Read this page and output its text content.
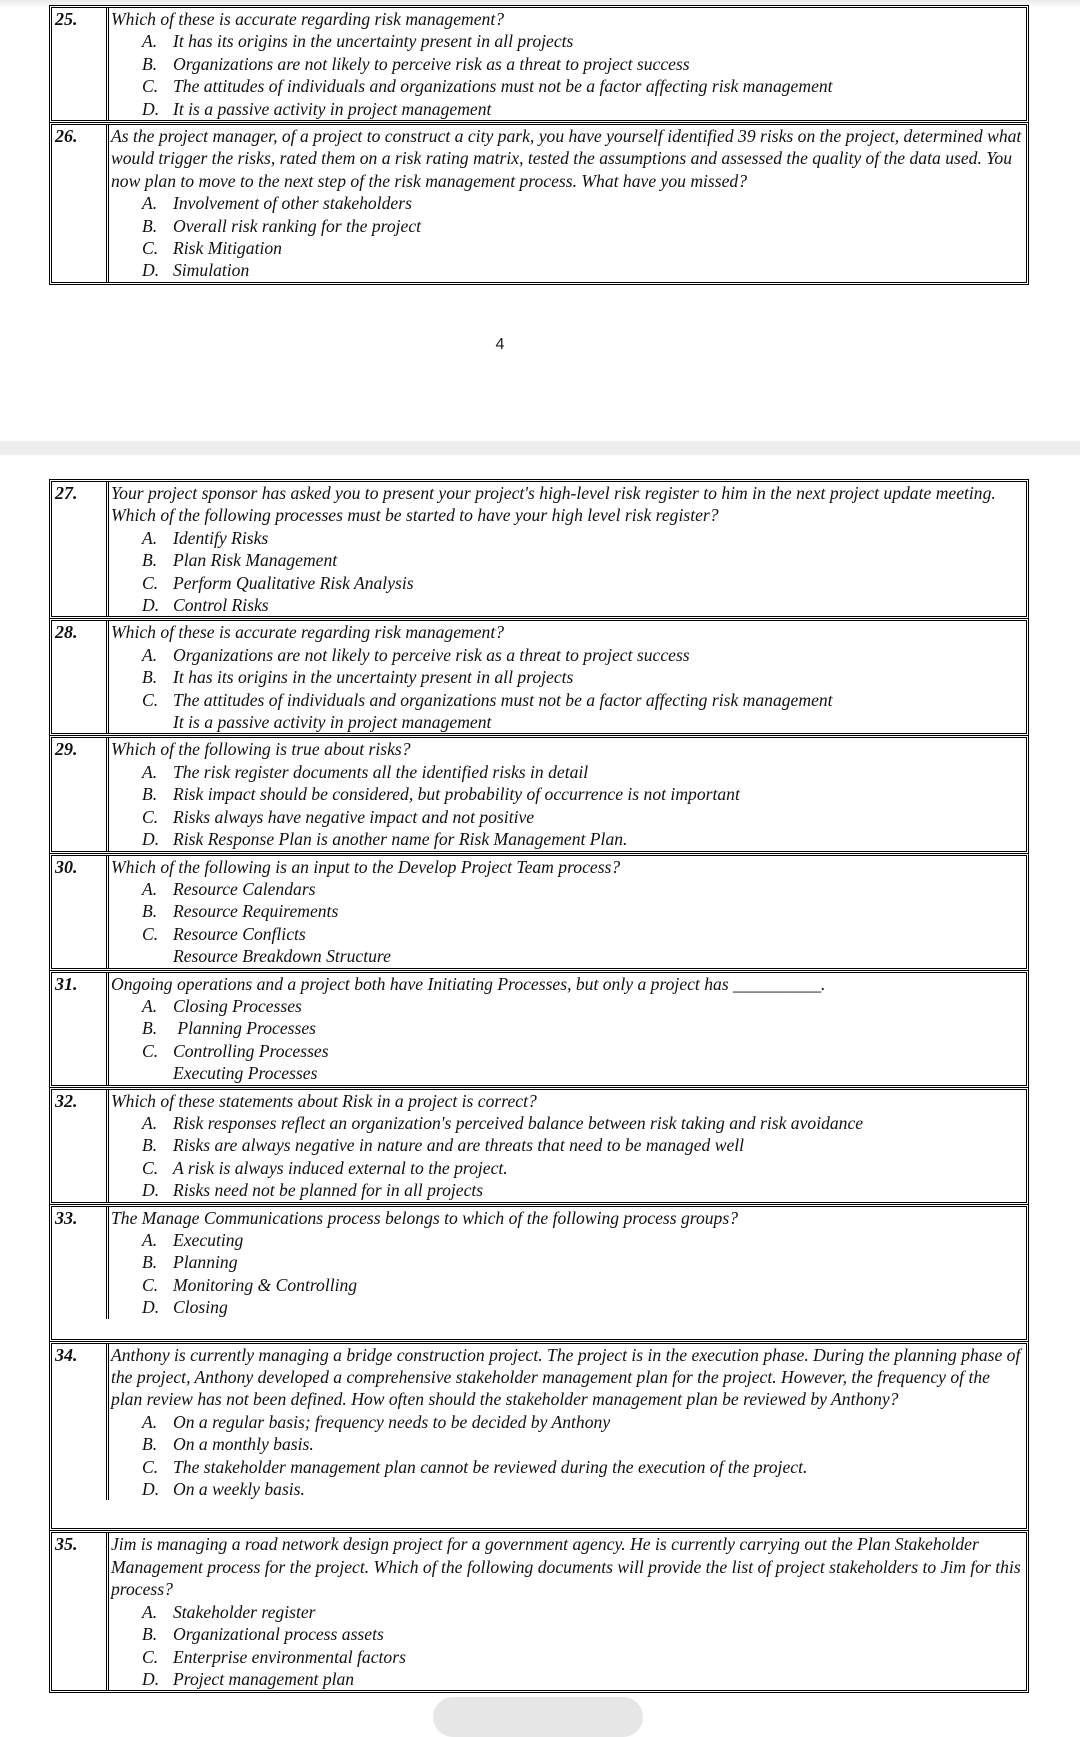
25.	Which of these is accurate regarding risk management?
A. It has its origins in the uncertainty present in all projects
B. Organizations are not likely to perceive risk as a threat to project success
C. The attitudes of individuals and organizations must not be a factor affecting risk management
D. It is a passive activity in project management
26.	As the project manager, of a project to construct a city park, you have yourself identified 39 risks on the project, determined what would trigger the risks, rated them on a risk rating matrix, tested the assumptions and assessed the quality of the data used. You now plan to move to the next step of the risk management process. What have you missed?
A. Involvement of other stakeholders
B. Overall risk ranking for the project
C. Risk Mitigation
D. Simulation
4
27.	Your project sponsor has asked you to present your project's high-level risk register to him in the next project update meeting. Which of the following processes must be started to have your high level risk register?
A. Identify Risks
B. Plan Risk Management
C. Perform Qualitative Risk Analysis
D. Control Risks
28.	Which of these is accurate regarding risk management?
A. Organizations are not likely to perceive risk as a threat to project success
B. It has its origins in the uncertainty present in all projects
C. The attitudes of individuals and organizations must not be a factor affecting risk management
It is a passive activity in project management
29.	Which of the following is true about risks?
A. The risk register documents all the identified risks in detail
B. Risk impact should be considered, but probability of occurrence is not important
C. Risks always have negative impact and not positive
D. Risk Response Plan is another name for Risk Management Plan.
30.	Which of the following is an input to the Develop Project Team process?
A. Resource Calendars
B. Resource Requirements
C. Resource Conflicts
Resource Breakdown Structure
31.	Ongoing operations and a project both have Initiating Processes, but only a project has __________.
A. Closing Processes
B. Planning Processes
C. Controlling Processes
Executing Processes
32.	Which of these statements about Risk in a project is correct?
A. Risk responses reflect an organization's perceived balance between risk taking and risk avoidance
B. Risks are always negative in nature and are threats that need to be managed well
C. A risk is always induced external to the project.
D. Risks need not be planned for in all projects
33.	The Manage Communications process belongs to which of the following process groups?
A. Executing
B. Planning
C. Monitoring & Controlling
D. Closing
34.	Anthony is currently managing a bridge construction project. The project is in the execution phase. During the planning phase of the project, Anthony developed a comprehensive stakeholder management plan for the project. However, the frequency of the plan review has not been defined. How often should the stakeholder management plan be reviewed by Anthony?
A. On a regular basis; frequency needs to be decided by Anthony
B. On a monthly basis.
C. The stakeholder management plan cannot be reviewed during the execution of the project.
D. On a weekly basis.
35.	Jim is managing a road network design project for a government agency. He is currently carrying out the Plan Stakeholder Management process for the project. Which of the following documents will provide the list of project stakeholders to Jim for this process?
A. Stakeholder register
B. Organizational process assets
C. Enterprise environmental factors
D. Project management plan
